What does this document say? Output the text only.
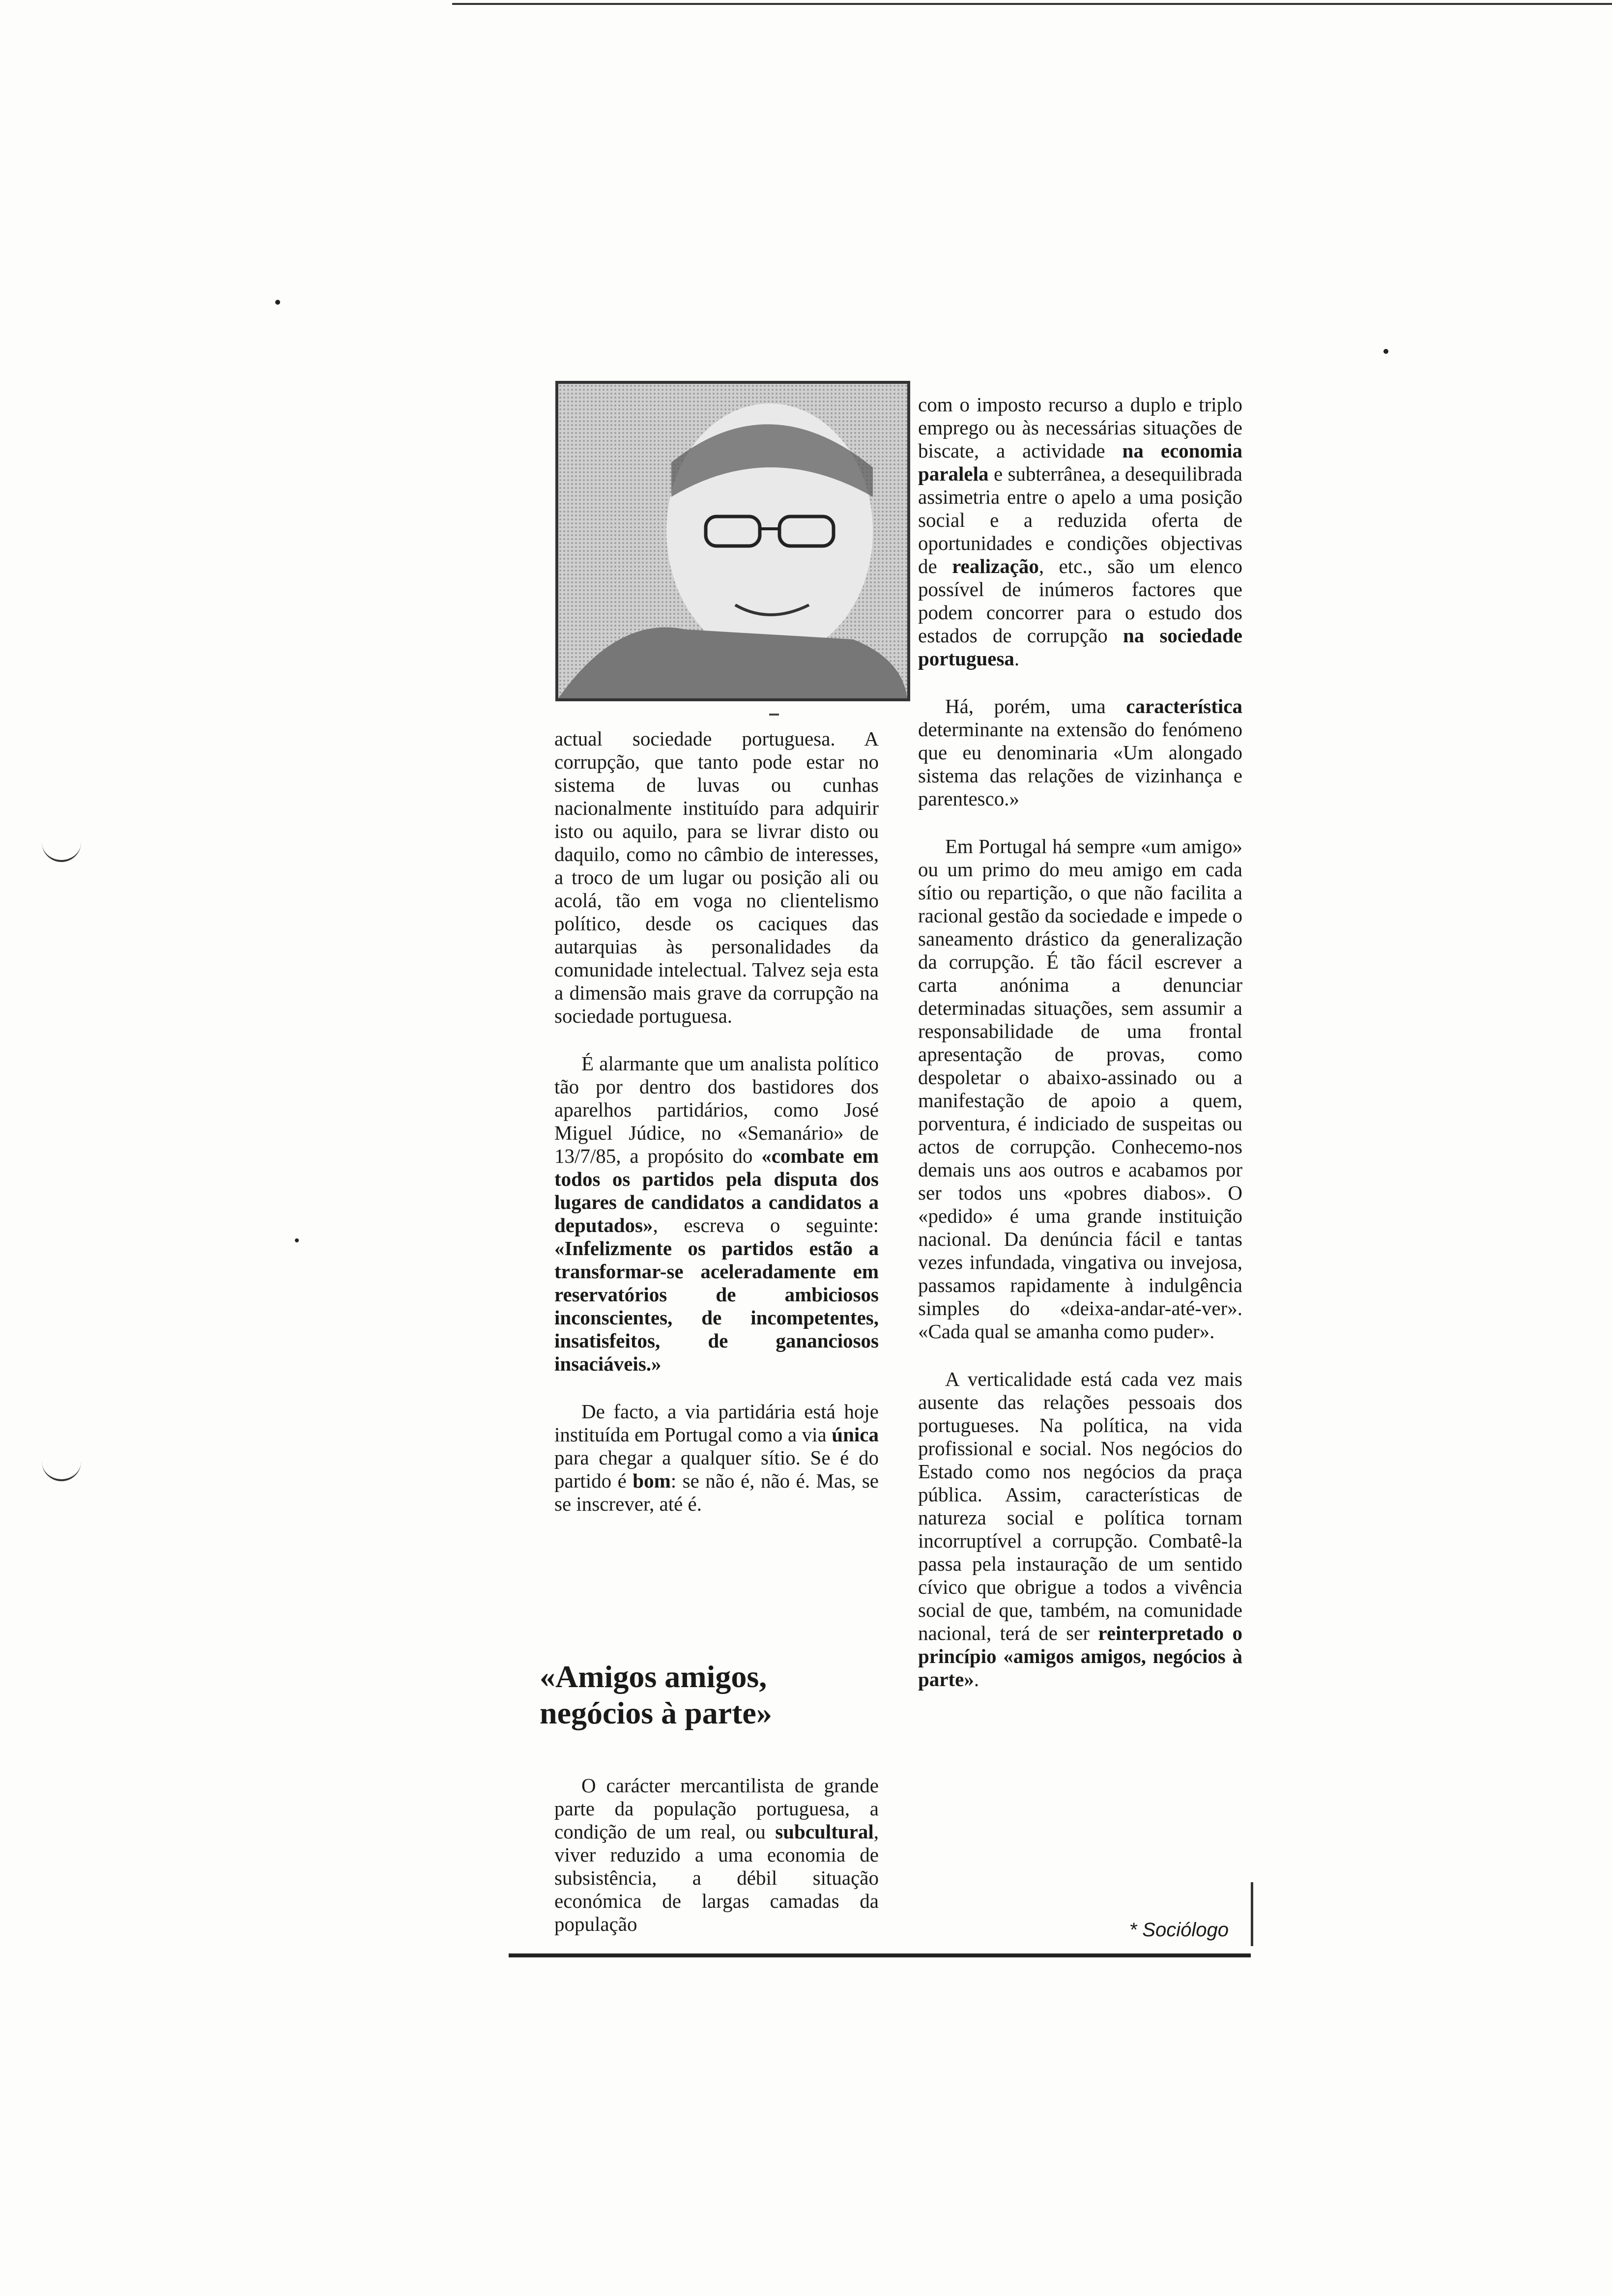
com o imposto recurso a duplo e triplo emprego ou às necessárias situações de biscate, a actividade na economia paralela e subterrânea, a desequilibrada assimetria entre o apelo a uma posição social e a reduzida oferta de oportunidades e condições objectivas de realização, etc., são um elenco possível de inúmeros factores que podem concorrer para o estudo dos estados de corrupção na sociedade portuguesa.

Há, porém, uma característica determinante na extensão do fenómeno que eu denominaria «Um alongado sistema das relações de vizinhança e parentesco.»

Em Portugal há sempre «um amigo» ou um primo do meu amigo em cada sítio ou repartição, o que não facilita a racional gestão da sociedade e impede o saneamento drástico da generalização da corrupção. É tão fácil escrever a carta anónima a denunciar determinadas situações, sem assumir a responsabilidade de uma frontal apresentação de provas, como despoletar o abaixo-assinado ou a manifestação de apoio a quem, porventura, é indiciado de suspeitas ou actos de corrupção. Conhecemo-nos demais uns aos outros e acabamos por ser todos uns «pobres diabos». O «pedido» é uma grande instituição nacional. Da denúncia fácil e tantas vezes infundada, vingativa ou invejosa, passamos rapidamente à indulgência simples do «deixa-andar-até-ver». «Cada qual se amanha como puder».

A verticalidade está cada vez mais ausente das relações pessoais dos portugueses. Na política, na vida profissional e social. Nos negócios do Estado como nos negócios da praça pública. Assim, características de natureza social e política tornam incorruptível a corrupção. Combatê-la passa pela instauração de um sentido cívico que obrigue a todos a vivência social de que, também, na comunidade nacional, terá de ser reinterpretado o princípio «amigos amigos, negócios à parte».

actual sociedade portuguesa. A corrupção, que tanto pode estar no sistema de luvas ou cunhas nacionalmente instituído para adquirir isto ou aquilo, para se livrar disto ou daquilo, como no câmbio de interesses, a troco de um lugar ou posição ali ou acolá, tão em voga no clientelismo político, desde os caciques das autarquias às personalidades da comunidade intelectual. Talvez seja esta a dimensão mais grave da corrupção na sociedade portuguesa.

É alarmante que um analista político tão por dentro dos bastidores dos aparelhos partidários, como José Miguel Júdice, no «Semanário» de 13/7/85, a propósito do «combate em todos os partidos pela disputa dos lugares de candidatos a candidatos a deputados», escreva o seguinte: «Infelizmente os partidos estão a transformar-se aceleradamente em reservatórios de ambiciosos inconscientes, de incompetentes, insatisfeitos, de gananciosos insaciáveis.»

De facto, a via partidária está hoje instituída em Portugal como a via única para chegar a qualquer sítio. Se é do partido é bom: se não é, não é. Mas, se se inscrever, até é.

«Amigos amigos, negócios à parte»

O carácter mercantilista de grande parte da população portuguesa, a condição de um real, ou subcultural, viver reduzido a uma economia de subsistência, a débil situação económica de largas camadas da população	* Sociólogo
